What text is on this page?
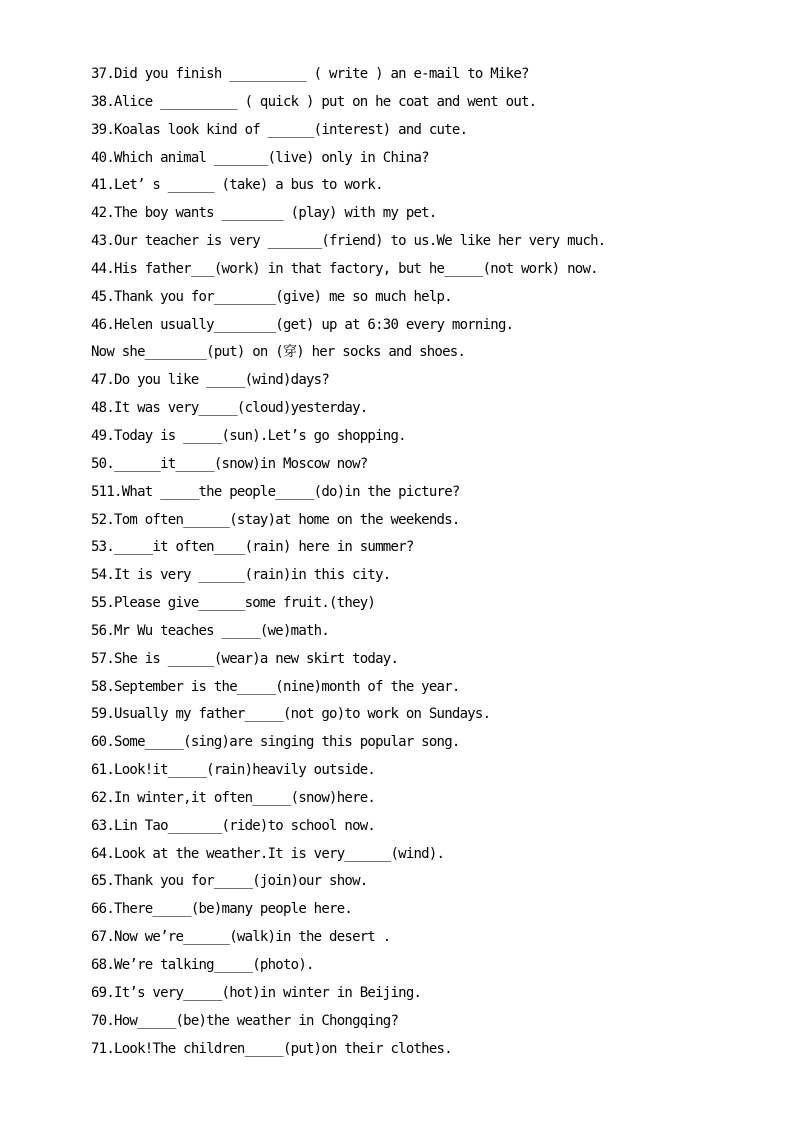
37.Did you finish __________ ( write ) an e-mail to Mike?
38.Alice __________ ( quick ) put on he coat and went out.
39.Koalas look kind of ______(interest) and cute.
40.Which animal _______(live) only in China?
41.Let’ s ______ (take) a bus to work.
42.The boy wants ________ (play) with my pet.
43.Our teacher is very _______(friend) to us.We like her very much.
44.His father___(work) in that factory, but he_____(not work) now.
45.Thank you for________(give) me so much help.
46.Helen usually________(get) up at 6:30 every morning.
Now she________(put) on (穿) her socks and shoes.
47.Do you like _____(wind)days?
48.It was very_____(cloud)yesterday.
49.Today is _____(sun).Let’s go shopping.
50.______it_____(snow)in Moscow now?
511.What _____the people_____(do)in the picture?
52.Tom often______(stay)at home on the weekends.
53._____it often____(rain) here in summer?
54.It is very ______(rain)in this city.
55.Please give______some fruit.(they)
56.Mr Wu teaches _____(we)math.
57.She is ______(wear)a new skirt today.
58.September is the_____(nine)month of the year.
59.Usually my father_____(not go)to work on Sundays.
60.Some_____(sing)are singing this popular song.
61.Look!it_____(rain)heavily outside.
62.In winter,it often_____(snow)here.
63.Lin Tao_______(ride)to school now.
64.Look at the weather.It is very______(wind).
65.Thank you for_____(join)our show.
66.There_____(be)many people here.
67.Now we’re______(walk)in the desert .
68.We’re talking_____(photo).
69.It’s very_____(hot)in winter in Beijing.
70.How_____(be)the weather in Chongqing?
71.Look!The children_____(put)on their clothes.
